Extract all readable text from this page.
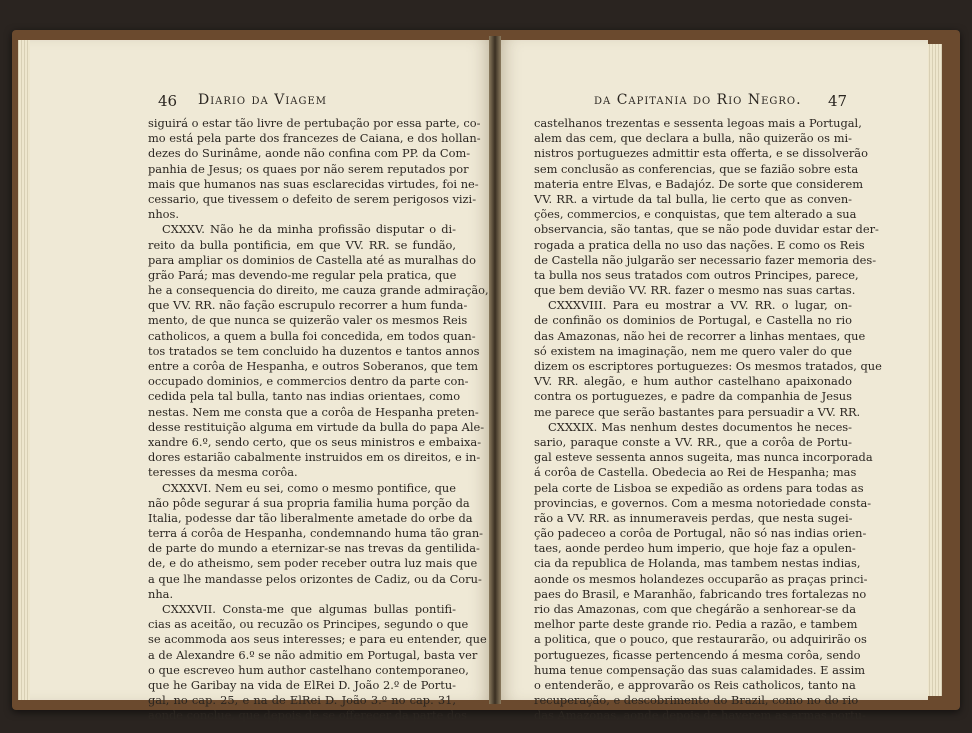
46	Diario da Viagem
siguirá o estar tão livre de pertubação por essa parte, co-
mo está pela parte dos francezes de Caiana, e dos hollan-
dezes do Surinâme, aonde não confina com PP. da Com-
panhia de Jesus; os quaes por não serem reputados por
mais que humanos nas suas esclarecidas virtudes, foi ne-
cessario, que tivessem o defeito de serem perigosos vizi-
nhos.
CXXXV. Não he da minha profissão disputar o di-
reito da bulla pontificia, em que VV. RR. se fundão,
para ampliar os dominios de Castella até as muralhas do
grão Pará; mas devendo-me regular pela pratica, que
he a consequencia do direito, me cauza grande admiração,
que VV. RR. não fação escrupulo recorrer a hum funda-
mento, de que nunca se quizerão valer os mesmos Reis
catholicos, a quem a bulla foi concedida, em todos quan-
tos tratados se tem concluido ha duzentos e tantos annos
entre a corôa de Hespanha, e outros Soberanos, que tem
occupado dominios, e commercios dentro da parte con-
cedida pela tal bulla, tanto nas indias orientaes, como
nestas. Nem me consta que a corôa de Hespanha preten-
desse restituição alguma em virtude da bulla do papa Ale-
xandre 6.º, sendo certo, que os seus ministros e embaixa-
dores estarião cabalmente instruidos em os direitos, e in-
teresses da mesma corôa.
CXXXVI. Nem eu sei, como o mesmo pontifice, que
não pôde segurar á sua propria familia huma porção da
Italia, podesse dar tão liberalmente ametade do orbe da
terra á corôa de Hespanha, condemnando huma tão gran-
de parte do mundo a eternizar-se nas trevas da gentilida-
de, e do atheismo, sem poder receber outra luz mais que
a que lhe mandasse pelos orizontes de Cadiz, ou da Coru-
nha.
CXXXVII. Consta-me que algumas bullas pontifi-
cias as aceitão, ou recuzão os Principes, segundo o que
se acommoda aos seus interesses; e para eu entender, que
a de Alexandre 6.º se não admitio em Portugal, basta ver
o que escreveo hum author castelhano contemporaneo,
que he Garibay na vida de ElRei D. João 2.º de Portu-
gal, no cap. 25, e na de ElRei D. João 3.º no cap. 31,
aonde conclue, que depois de se offerecer da parte dos
da Capitania do Rio Negro.	47
castelhanos trezentas e sessenta legoas mais a Portugal,
alem das cem, que declara a bulla, não quizerão os mi-
nistros portuguezes admittir esta offerta, e se dissolverão
sem conclusão as conferencias, que se fazião sobre esta
materia entre Elvas, e Badajóz. De sorte que considerem
VV. RR. a virtude da tal bulla, lie certo que as conven-
ções, commercios, e conquistas, que tem alterado a sua
observancia, são tantas, que se não pode duvidar estar der-
rogada a pratica della no uso das nações. E como os Reis
de Castella não julgarão ser necessario fazer memoria des-
ta bulla nos seus tratados com outros Principes, parece,
que bem devião VV. RR. fazer o mesmo nas suas cartas.
CXXXVIII. Para eu mostrar a VV. RR. o lugar, on-
de confinão os dominios de Portugal, e Castella no rio
das Amazonas, não hei de recorrer a linhas mentaes, que
só existem na imaginação, nem me quero valer do que
dizem os escriptores portuguezes: Os mesmos tratados, que
VV. RR. alegão, e hum author castelhano apaixonado
contra os portuguezes, e padre da companhia de Jesus
me parece que serão bastantes para persuadir a VV. RR.
CXXXIX. Mas nenhum destes documentos he neces-
sario, paraque conste a VV. RR., que a corôa de Portu-
gal esteve sessenta annos sugeita, mas nunca incorporada
á corôa de Castella. Obedecia ao Rei de Hespanha; mas
pela corte de Lisboa se expedião as ordens para todas as
provincias, e governos. Com a mesma notoriedade consta-
rão a VV. RR. as innumeraveis perdas, que nesta sugei-
ção padeceo a corôa de Portugal, não só nas indias orien-
taes, aonde perdeo hum imperio, que hoje faz a opulen-
cia da republica de Holanda, mas tambem nestas indias,
aonde os mesmos holandezes occuparão as praças princi-
paes do Brasil, e Maranhão, fabricando tres fortalezas no
rio das Amazonas, com que chegárão a senhorear-se da
melhor parte deste grande rio. Pedia a razão, e tambem
a politica, que o pouco, que restaurarão, ou adquirirão os
portuguezes, ficasse pertencendo á mesma corôa, sendo
huma tenue compensação das suas calamidades. E assim
o entenderão, e approvarão os Reis catholicos, tanto na
recuperação, e descobrimento do Brazil, como no do rio
das Amazonas, aonde depois de haverem as armas portu-
